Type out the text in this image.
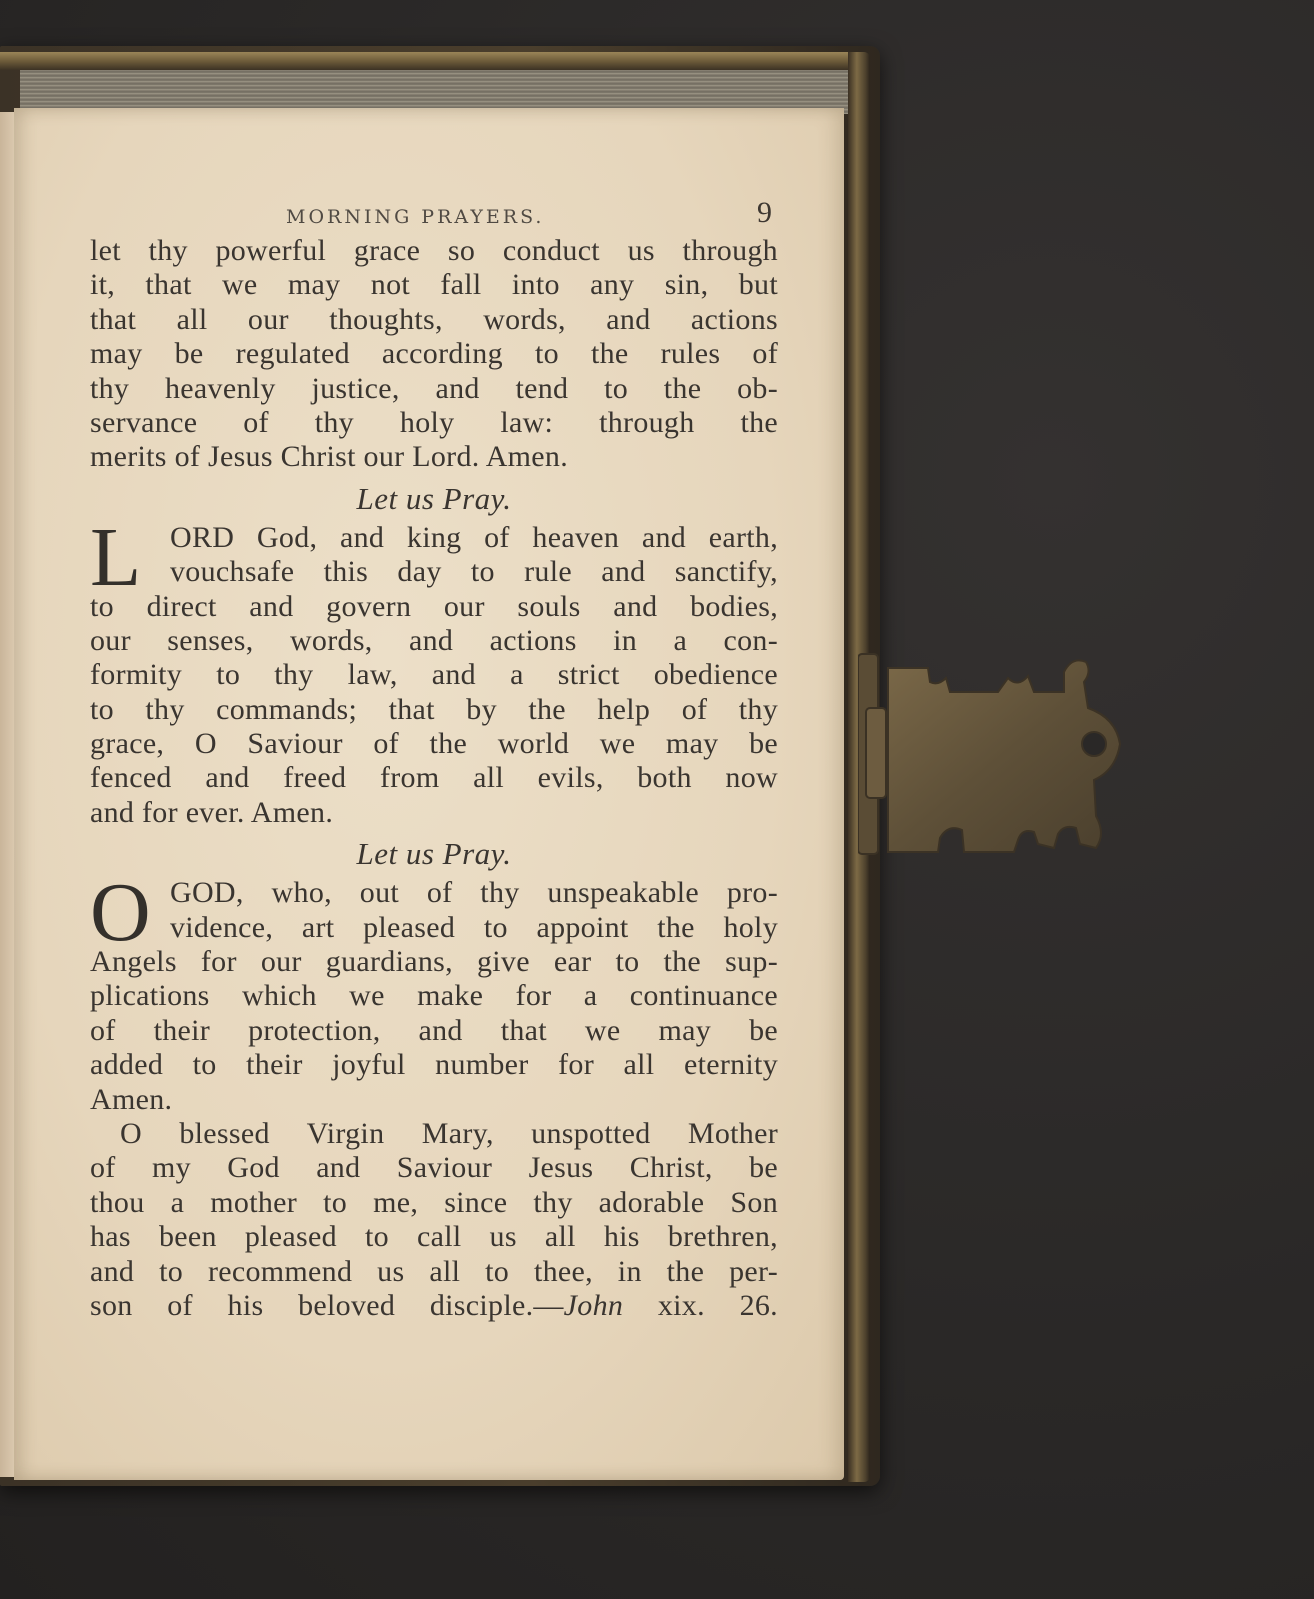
MORNING PRAYERS.	9
let thy powerful grace so conduct us through
it, that we may not fall into any sin, but
that all our thoughts, words, and actions
may be regulated according to the rules of
thy heavenly justice, and tend to the ob-
servance of thy holy law: through the
merits of Jesus Christ our Lord. Amen.
Let us Pray.
L ORD God, and king of heaven and earth,
vouchsafe this day to rule and sanctify,
to direct and govern our souls and bodies,
our senses, words, and actions in a con-
formity to thy law, and a strict obedience
to thy commands; that by the help of thy
grace, O Saviour of the world we may be
fenced and freed from all evils, both now
and for ever. Amen.
Let us Pray.
O GOD, who, out of thy unspeakable pro-
vidence, art pleased to appoint the holy
Angels for our guardians, give ear to the sup-
plications which we make for a continuance
of their protection, and that we may be
added to their joyful number for all eternity
Amen.
O blessed Virgin Mary, unspotted Mother
of my God and Saviour Jesus Christ, be
thou a mother to me, since thy adorable Son
has been pleased to call us all his brethren,
and to recommend us all to thee, in the per-
son of his beloved disciple.—John xix. 26.
